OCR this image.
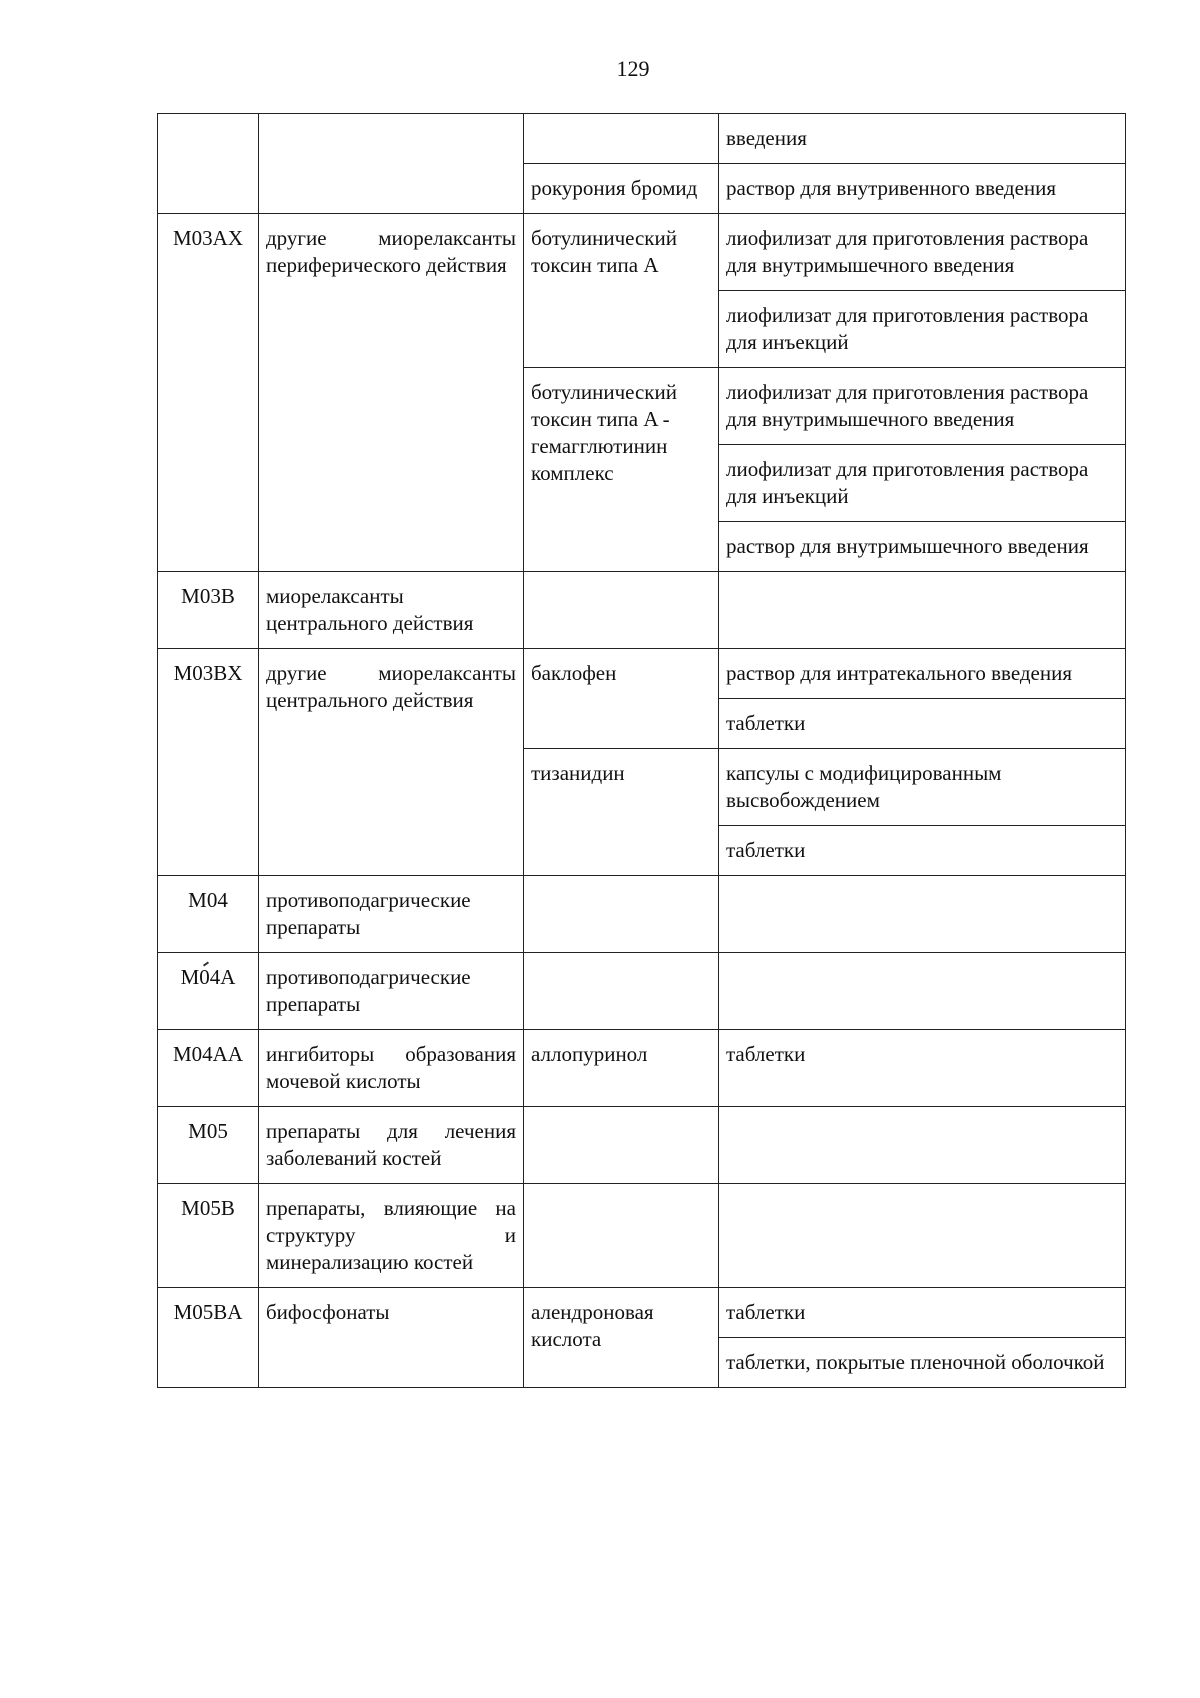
129
			введения
		рокурония бромид	раствор для внутривенного введения
M03AX	другие миорелаксанты периферического действия	ботулинический токсин типа A	лиофилизат для приготовления раствора для внутримышечного введения
			лиофилизат для приготовления раствора для инъекций
		ботулинический токсин типа A - гемагглютинин комплекс	лиофилизат для приготовления раствора для внутримышечного введения
			лиофилизат для приготовления раствора для инъекций
			раствор для внутримышечного введения
M03B	миорелаксанты центрального действия		
M03BX	другие миорелаксанты центрального действия	баклофен	раствор для интратекального введения
			таблетки
		тизанидин	капсулы с модифицированным высвобождением
			таблетки
M04	противоподагрические препараты		
M04A	противоподагрические препараты		
M04AA	ингибиторы образования мочевой кислоты	аллопуринол	таблетки
M05	препараты для лечения заболеваний костей		
M05B	препараты, влияющие на структуру и минерализацию костей		
M05BA	бифосфонаты	алендроновая кислота	таблетки
			таблетки, покрытые пленочной оболочкой
